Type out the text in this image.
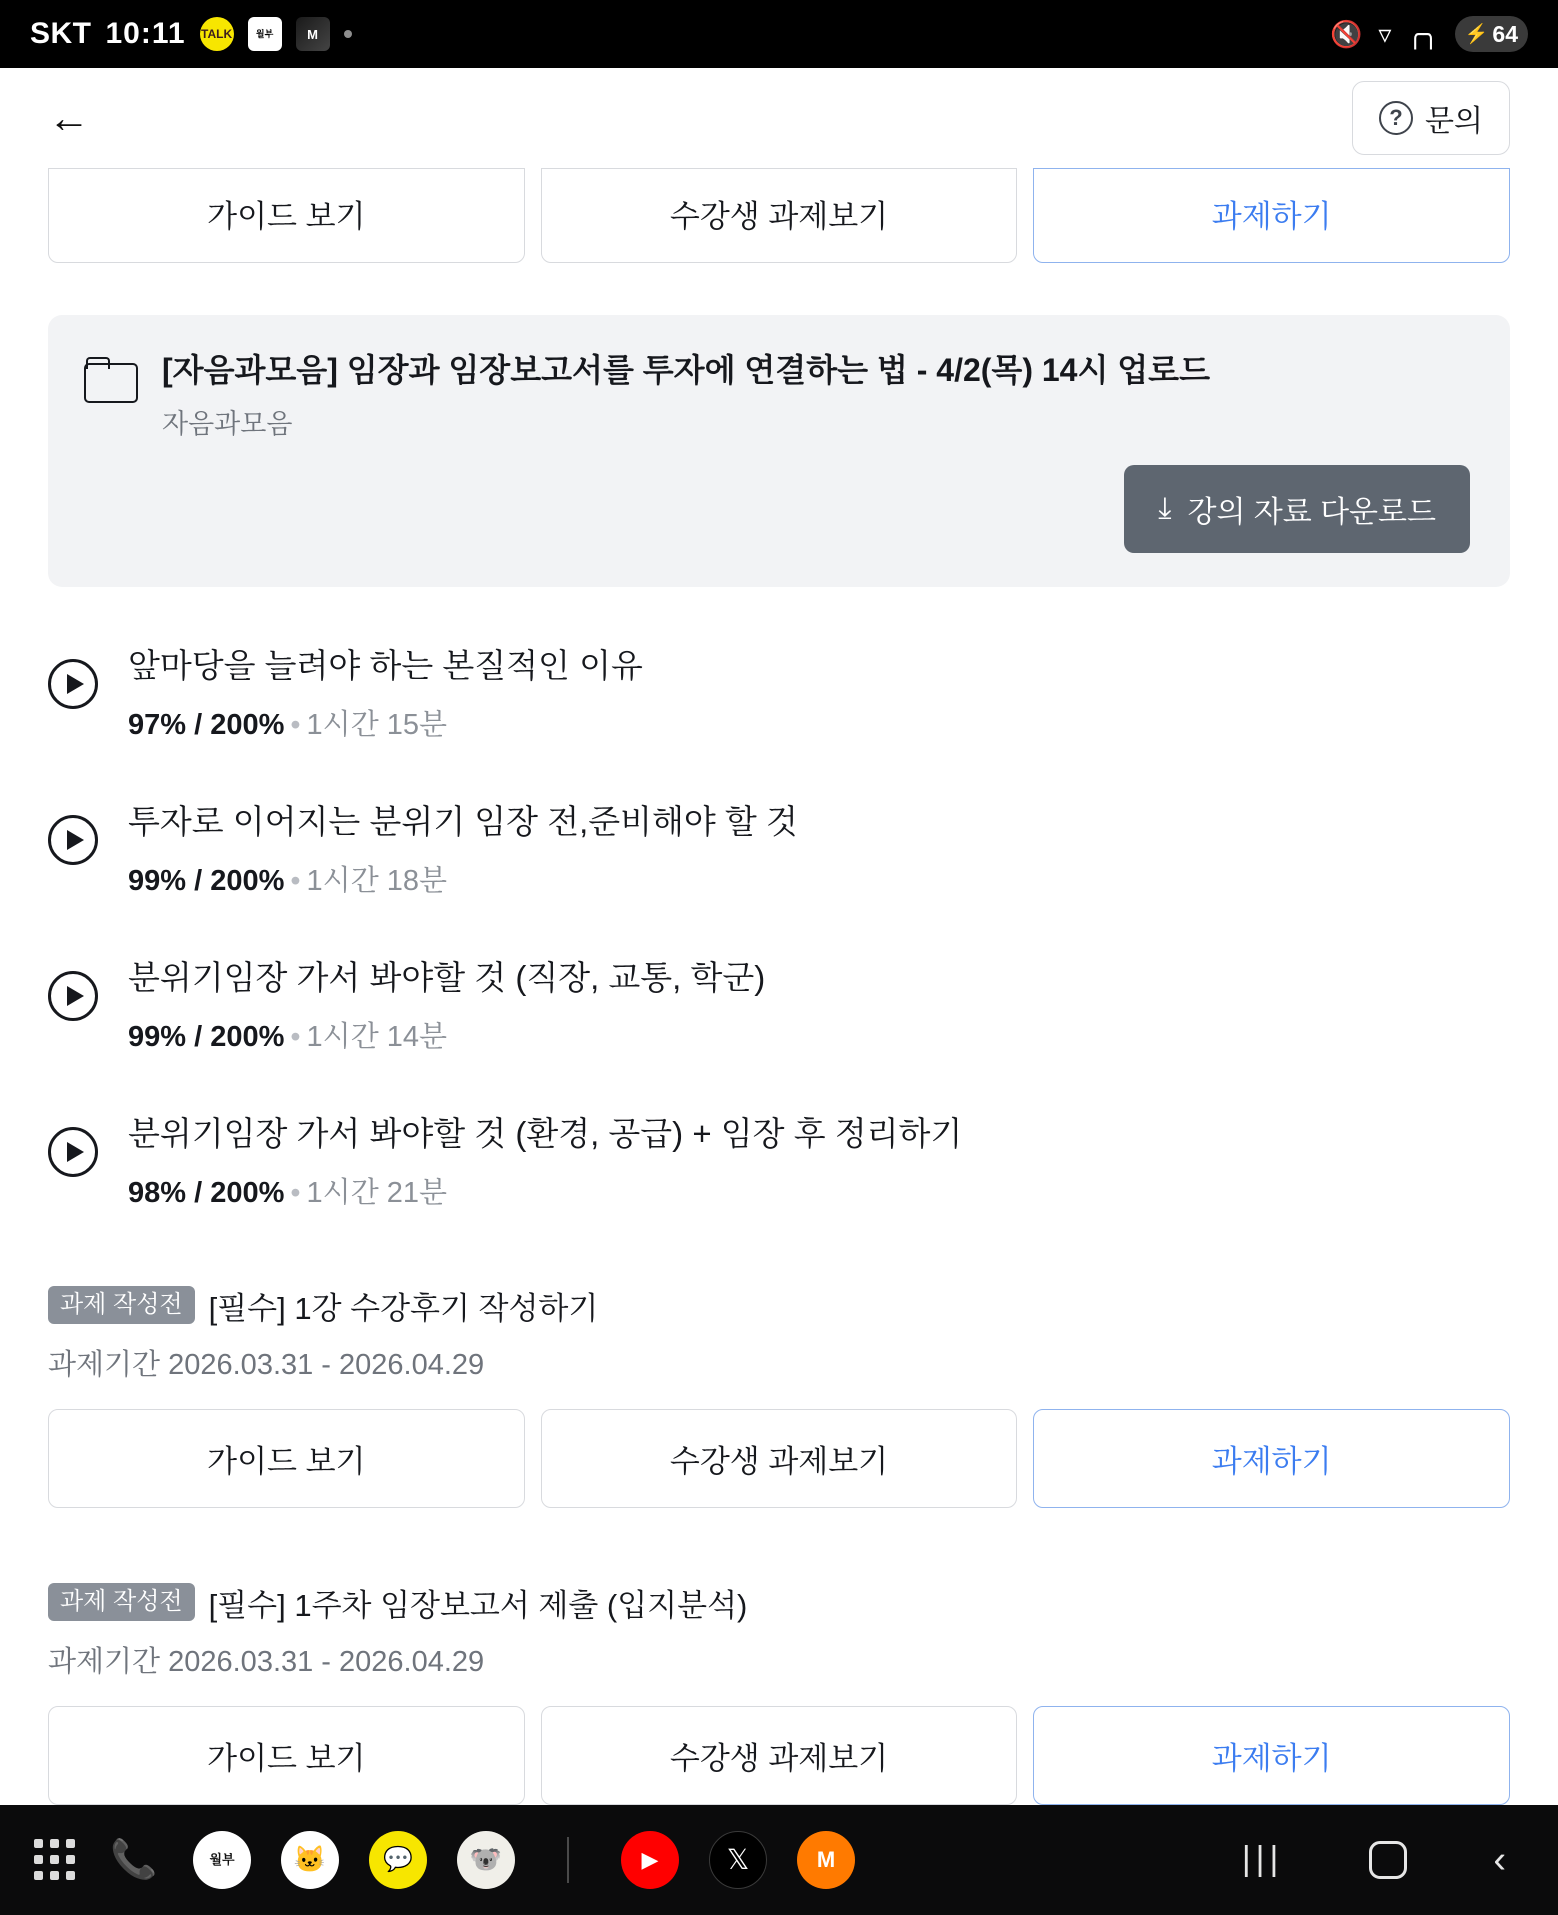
SKT 10:11 TALK	월부	M	🔇 ▿ ╭╮ ⚡ 64
←	? 문의
가이드 보기	수강생 과제보기	과제하기
[자음과모음] 임장과 임장보고서를 투자에 연결하는 법 - 4/2(목) 14시 업로드
자음과모음
⤓ 강의 자료 다운로드
앞마당을 늘려야 하는 본질적인 이유
97% / 200% • 1시간 15분
투자로 이어지는 분위기 임장 전,준비해야 할 것
99% / 200% • 1시간 18분
분위기임장 가서 봐야할 것 (직장, 교통, 학군)
99% / 200% • 1시간 14분
분위기임장 가서 봐야할 것 (환경, 공급) + 임장 후 정리하기
98% / 200% • 1시간 21분
과제 작성전 [필수] 1강 수강후기 작성하기
과제기간 2026.03.31 - 2026.04.29
가이드 보기	수강생 과제보기	과제하기
과제 작성전 [필수] 1주차 임장보고서 제출 (입지분석)
과제기간 2026.03.31 - 2026.04.29
가이드 보기	수강생 과제보기	과제하기
📞	월부	🐱	💬	🐨	▶	𝕏	M	|||	‹
